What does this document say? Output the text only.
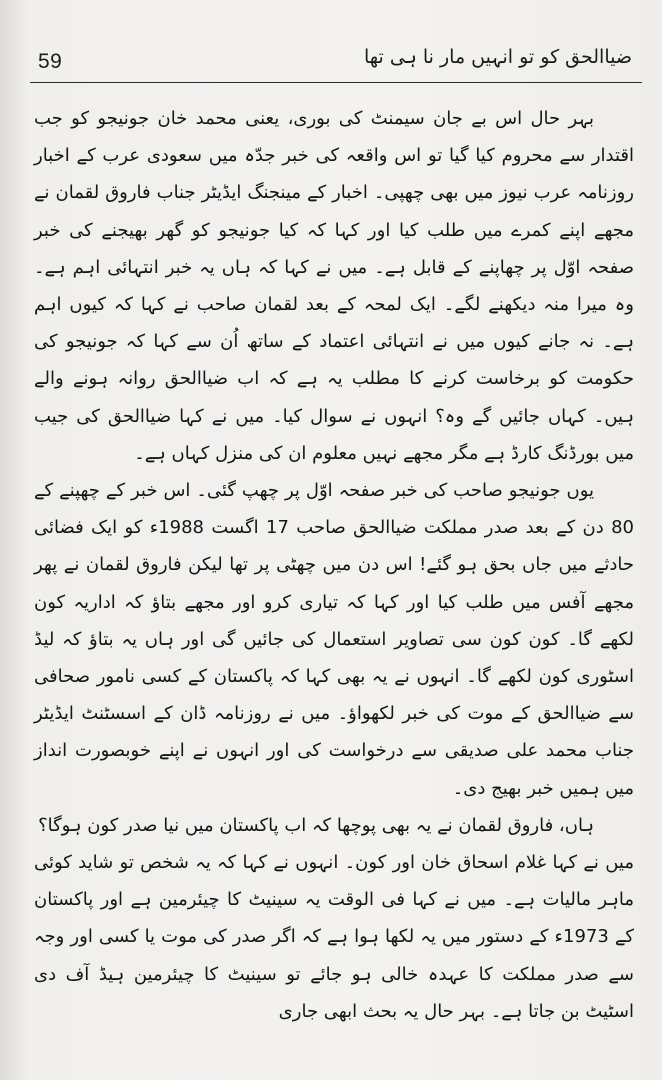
59	ضیاالحق کو تو انہیں مار نا ہی تھا

بہر حال اس بے جان سیمنٹ کی بوری، یعنی محمد خان جونیجو کو جب اقتدار سے محروم کیا گیا تو اس واقعہ کی خبر جدّہ میں سعودی عرب کے اخبار روزنامہ عرب نیوز میں بھی چھپی۔ اخبار کے مینجنگ ایڈیٹر جناب فاروق لقمان نے مجھے اپنے کمرے میں طلب کیا اور کہا کہ کیا جونیجو کو گھر بھیجنے کی خبر صفحہ اوّل پر چھاپنے کے قابل ہے۔ میں نے کہا کہ ہاں یہ خبر انتہائی اہم ہے۔ وہ میرا منہ دیکھنے لگے۔ ایک لمحہ کے بعد لقمان صاحب نے کہا کہ کیوں اہم ہے۔ نہ جانے کیوں میں نے انتہائی اعتماد کے ساتھ اُن سے کہا کہ جونیجو کی حکومت کو برخاست کرنے کا مطلب یہ ہے کہ اب ضیاالحق روانہ ہونے والے ہیں۔ کہاں جائیں گے وہ؟ انہوں نے سوال کیا۔ میں نے کہا ضیاالحق کی جیب میں بورڈنگ کارڈ ہے مگر مجھے نہیں معلوم ان کی منزل کہاں ہے۔

یوں جونیجو صاحب کی خبر صفحہ اوّل پر چھپ گئی۔ اس خبر کے چھپنے کے 80 دن کے بعد صدر مملکت ضیاالحق صاحب 17 اگست 1988ء کو ایک فضائی حادثے میں جاں بحق ہو گئے! اس دن میں چھٹی پر تھا لیکن فاروق لقمان نے پھر مجھے آفس میں طلب کیا اور کہا کہ تیاری کرو اور مجھے بتاؤ کہ اداریہ کون لکھے گا۔ کون کون سی تصاویر استعمال کی جائیں گی اور ہاں یہ بتاؤ کہ لیڈ اسٹوری کون لکھے گا۔ انہوں نے یہ بھی کہا کہ پاکستان کے کسی نامور صحافی سے ضیاالحق کے موت کی خبر لکھواؤ۔ میں نے روزنامہ ڈان کے اسسٹنٹ ایڈیٹر جناب محمد علی صدیقی سے درخواست کی اور انہوں نے اپنے خوبصورت انداز میں ہمیں خبر بھیج دی۔

ہاں، فاروق لقمان نے یہ بھی پوچھا کہ اب پاکستان میں نیا صدر کون ہوگا؟

میں نے کہا غلام اسحاق خان اور کون۔ انہوں نے کہا کہ یہ شخص تو شاید کوئی ماہر مالیات ہے۔ میں نے کہا فی الوقت یہ سینیٹ کا چیئرمین ہے اور پاکستان کے 1973ء کے دستور میں یہ لکھا ہوا ہے کہ اگر صدر کی موت یا کسی اور وجہ سے صدر مملکت کا عہدہ خالی ہو جائے تو سینیٹ کا چیئرمین ہیڈ آف دی اسٹیٹ بن جاتا ہے۔ بہر حال یہ بحث ابھی جاری
